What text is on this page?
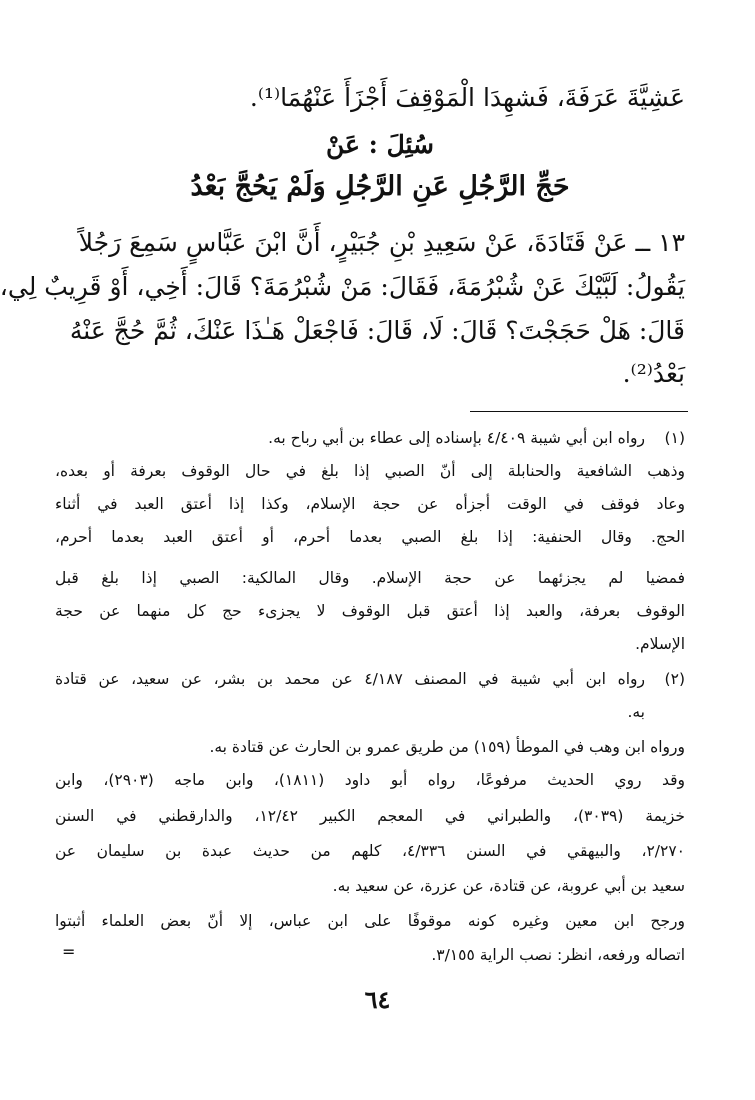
عَشِيَّةَ عَرَفَةَ، فَشهِدَا الْمَوْقِفَ أَجْزَأَ عَنْهُمَا⁽¹⁾.
سُئِلَ : عَنْ
حَجِّ الرَّجُلِ عَنِ الرَّجُلِ وَلَمْ يَحُجَّ بَعْدُ
١٣ ــ عَنْ قَتَادَةَ، عَنْ سَعِيدِ بْنِ جُبَيْرٍ، أَنَّ ابْنَ عَبَّاسٍ سَمِعَ رَجُلاً
يَقُولُ: لَبَّيْكَ عَنْ شُبْرُمَةَ، فَقَالَ: مَنْ شُبْرُمَةَ؟ قَالَ: أَخِي، أَوْ قَرِيبٌ لِي،
قَالَ: هَلْ حَجَجْتَ؟ قَالَ: لَا، قَالَ: فَاجْعَلْ هَـٰذَا عَنْكَ، ثُمَّ حُجَّ عَنْهُ
بَعْدُ⁽²⁾.
(١)
رواه ابن أبي شيبة ٤/٤٠٩ بإسناده إلى عطاء بن أبي رباح به.
وذهب الشافعية والحنابلة إلى أنّ الصبي إذا بلغ في حال الوقوف بعرفة أو بعده،
وعاد فوقف في الوقت أجزأه عن حجة الإسلام، وكذا إذا أعتق العبد في أثناء
الحج. وقال الحنفية: إذا بلغ الصبي بعدما أحرم، أو أعتق العبد بعدما أحرم،
فمضيا لم يجزئهما عن حجة الإسلام. وقال المالكية: الصبي إذا بلغ قبل
الوقوف بعرفة، والعبد إذا أعتق قبل الوقوف لا يجزىء حج كل منهما عن حجة
الإسلام.
(٢)
رواه ابن أبي شيبة في المصنف ٤/١٨٧ عن محمد بن بشر، عن سعيد، عن قتادة
به.
ورواه ابن وهب في الموطأ (١٥٩) من طريق عمرو بن الحارث عن قتادة به.
وقد روي الحديث مرفوعًا، رواه أبو داود (١٨١١)، وابن ماجه (٢٩٠٣)، وابن
خزيمة (٣٠٣٩)، والطبراني في المعجم الكبير ١٢/٤٢، والدارقطني في السنن
٢/٢٧٠، والبيهقي في السنن ٤/٣٣٦، كلهم من حديث عبدة بن سليمان عن
سعيد بن أبي عروبة، عن قتادة، عن عزرة، عن سعيد به.
ورجح ابن معين وغيره كونه موقوفًا على ابن عباس، إلا أنّ بعض العلماء أثبتوا
اتصاله ورفعه، انظر: نصب الراية ٣/١٥٥.
=
٦٤
